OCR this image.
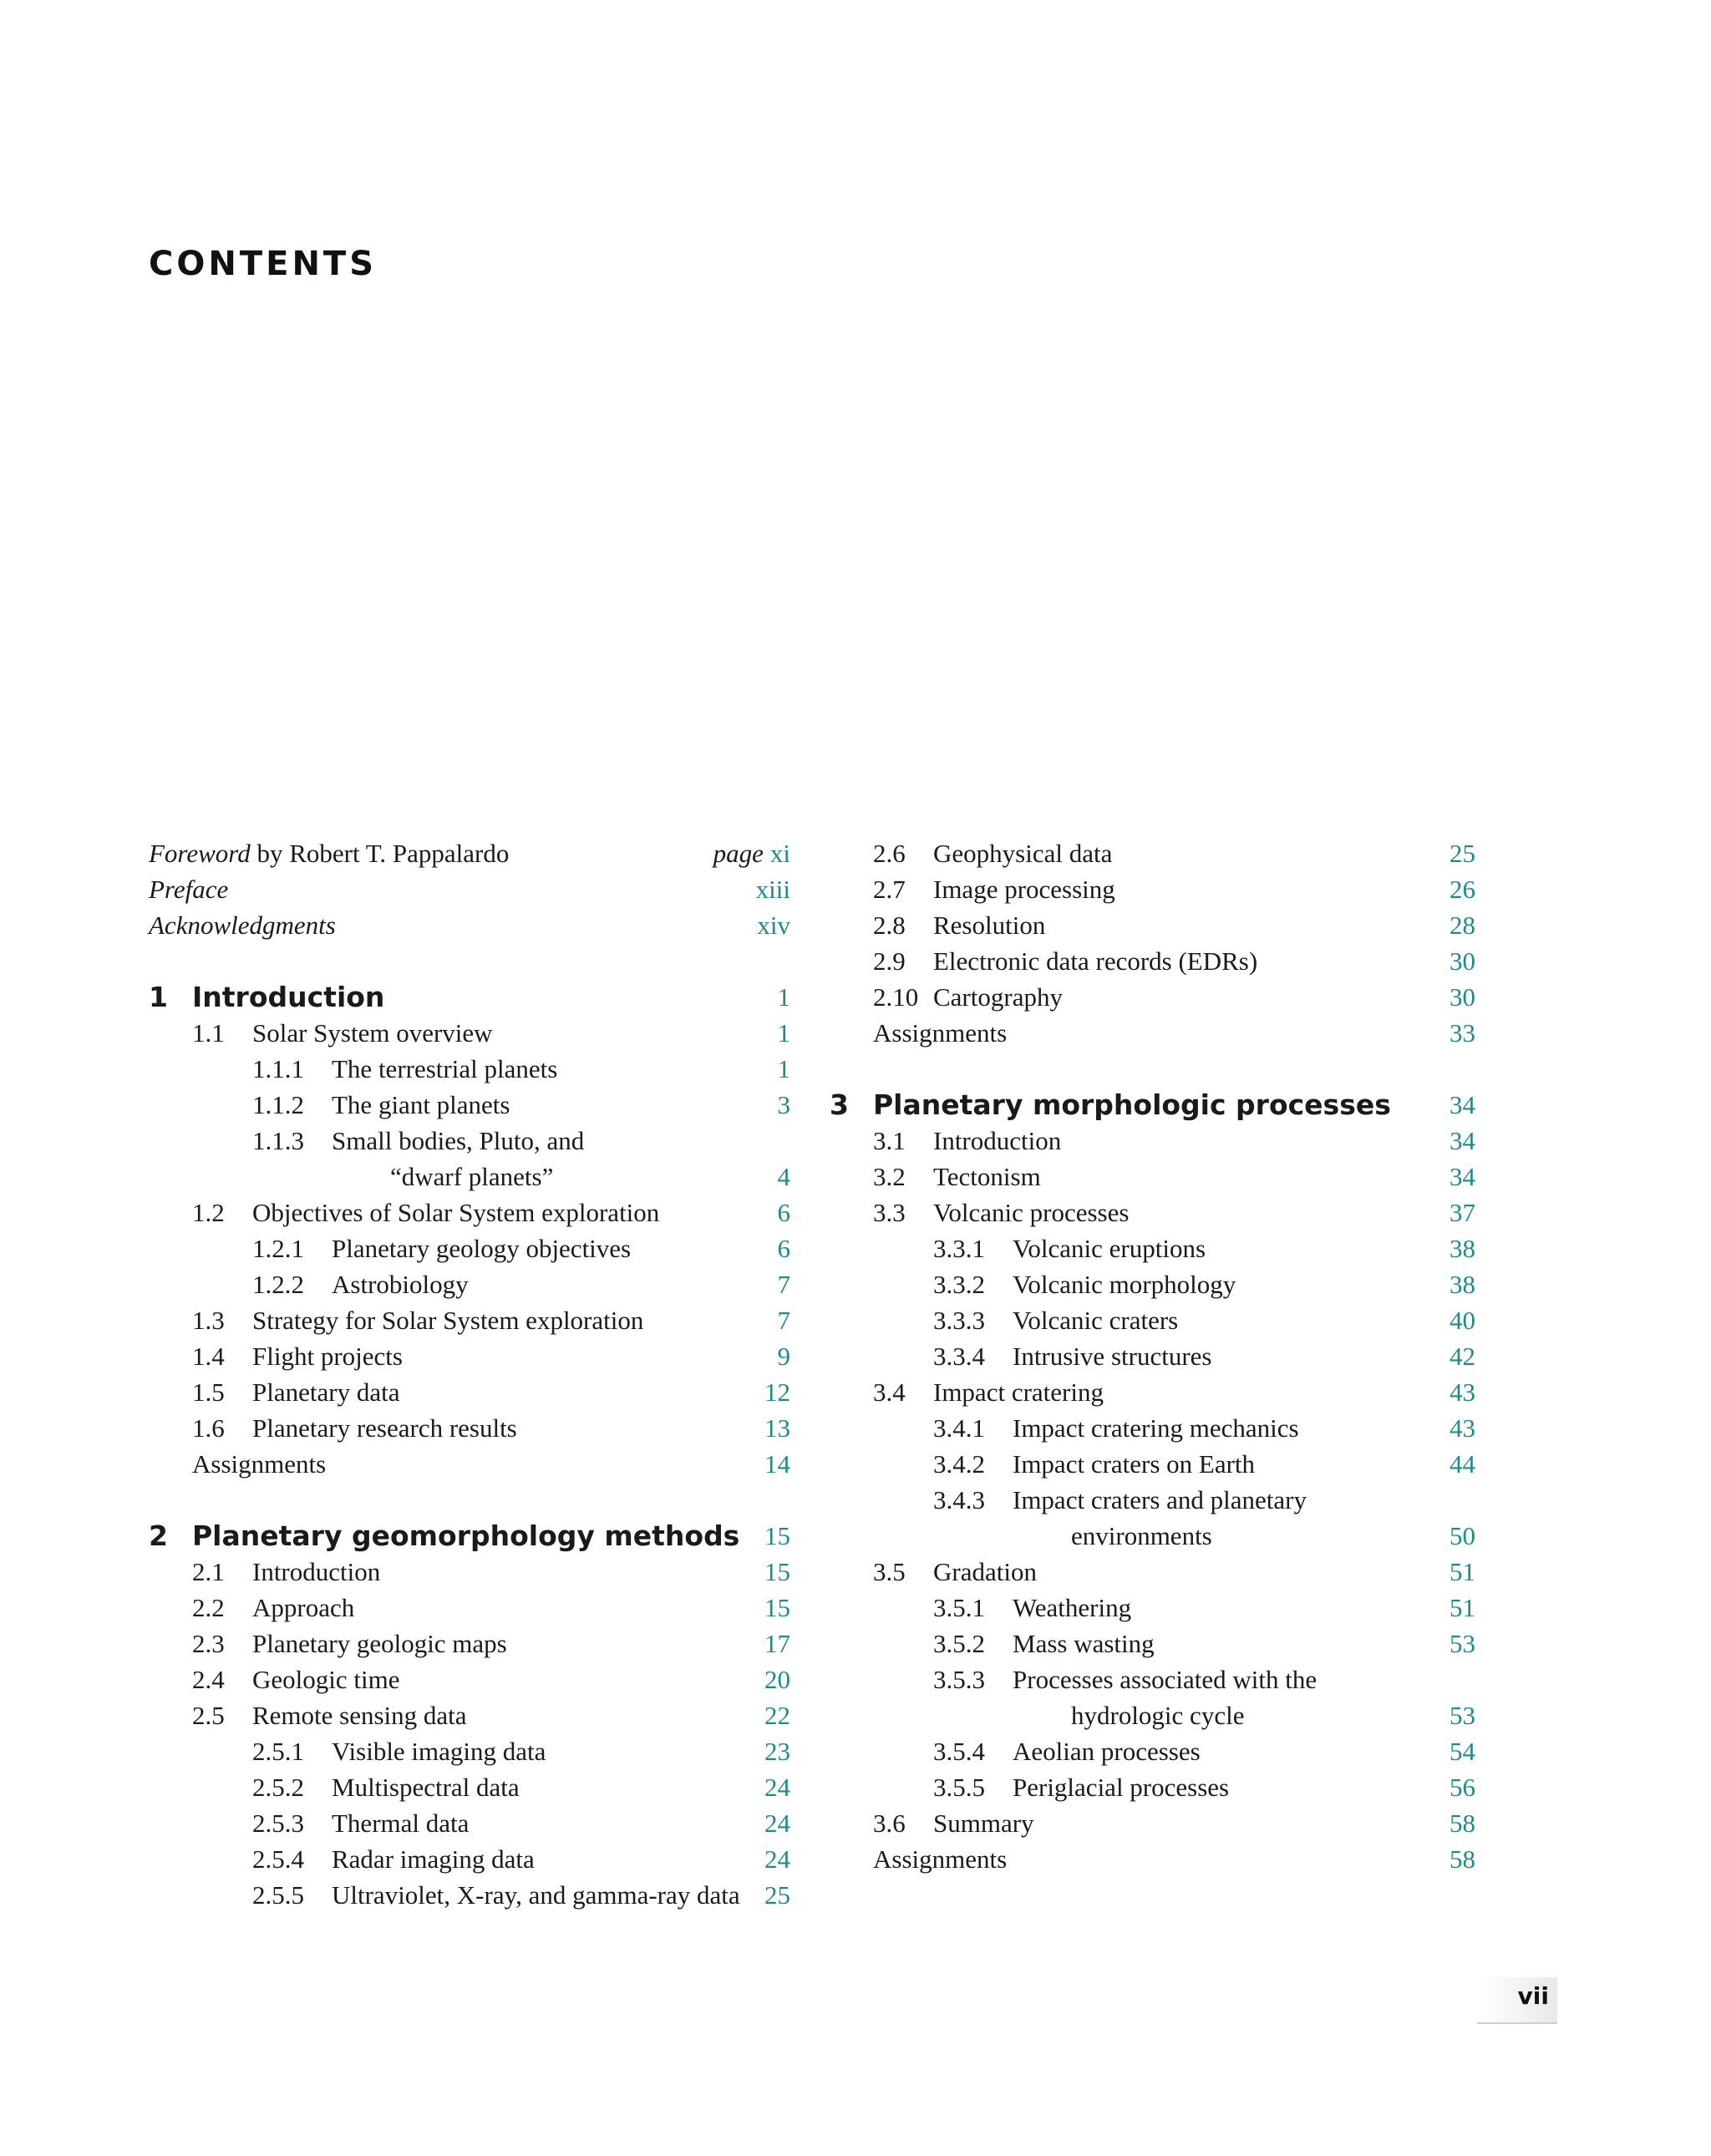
CONTENTS
Foreword by Robert T. Pappalardo	page xi
Preface	xiii
Acknowledgments	xiv
1 Introduction	1
1.1 Solar System overview	1
1.1.1 The terrestrial planets	1
1.1.2 The giant planets	3
1.1.3 Small bodies, Pluto, and
“dwarf planets”	4
1.2 Objectives of Solar System exploration	6
1.2.1 Planetary geology objectives	6
1.2.2 Astrobiology	7
1.3 Strategy for Solar System exploration	7
1.4 Flight projects	9
1.5 Planetary data	12
1.6 Planetary research results	13
Assignments	14
2 Planetary geomorphology methods 15
2.1 Introduction	15
2.2 Approach	15
2.3 Planetary geologic maps	17
2.4 Geologic time	20
2.5 Remote sensing data	22
2.5.1 Visible imaging data	23
2.5.2 Multispectral data	24
2.5.3 Thermal data	24
2.5.4 Radar imaging data	24
2.5.5 Ultraviolet, X-ray, and gamma-ray data 25
2.6 Geophysical data	25
2.7 Image processing	26
2.8 Resolution	28
2.9 Electronic data records (EDRs)	30
2.10 Cartography	30
Assignments	33
3 Planetary morphologic processes 34
3.1 Introduction	34
3.2 Tectonism	34
3.3 Volcanic processes	37
3.3.1 Volcanic eruptions	38
3.3.2 Volcanic morphology	38
3.3.3 Volcanic craters	40
3.3.4 Intrusive structures	42
3.4 Impact cratering	43
3.4.1 Impact cratering mechanics	43
3.4.2 Impact craters on Earth	44
3.4.3 Impact craters and planetary
environments	50
3.5 Gradation	51
3.5.1 Weathering	51
3.5.2 Mass wasting	53
3.5.3 Processes associated with the
hydrologic cycle	53
3.5.4 Aeolian processes	54
3.5.5 Periglacial processes	56
3.6 Summary	58
Assignments	58
vii
